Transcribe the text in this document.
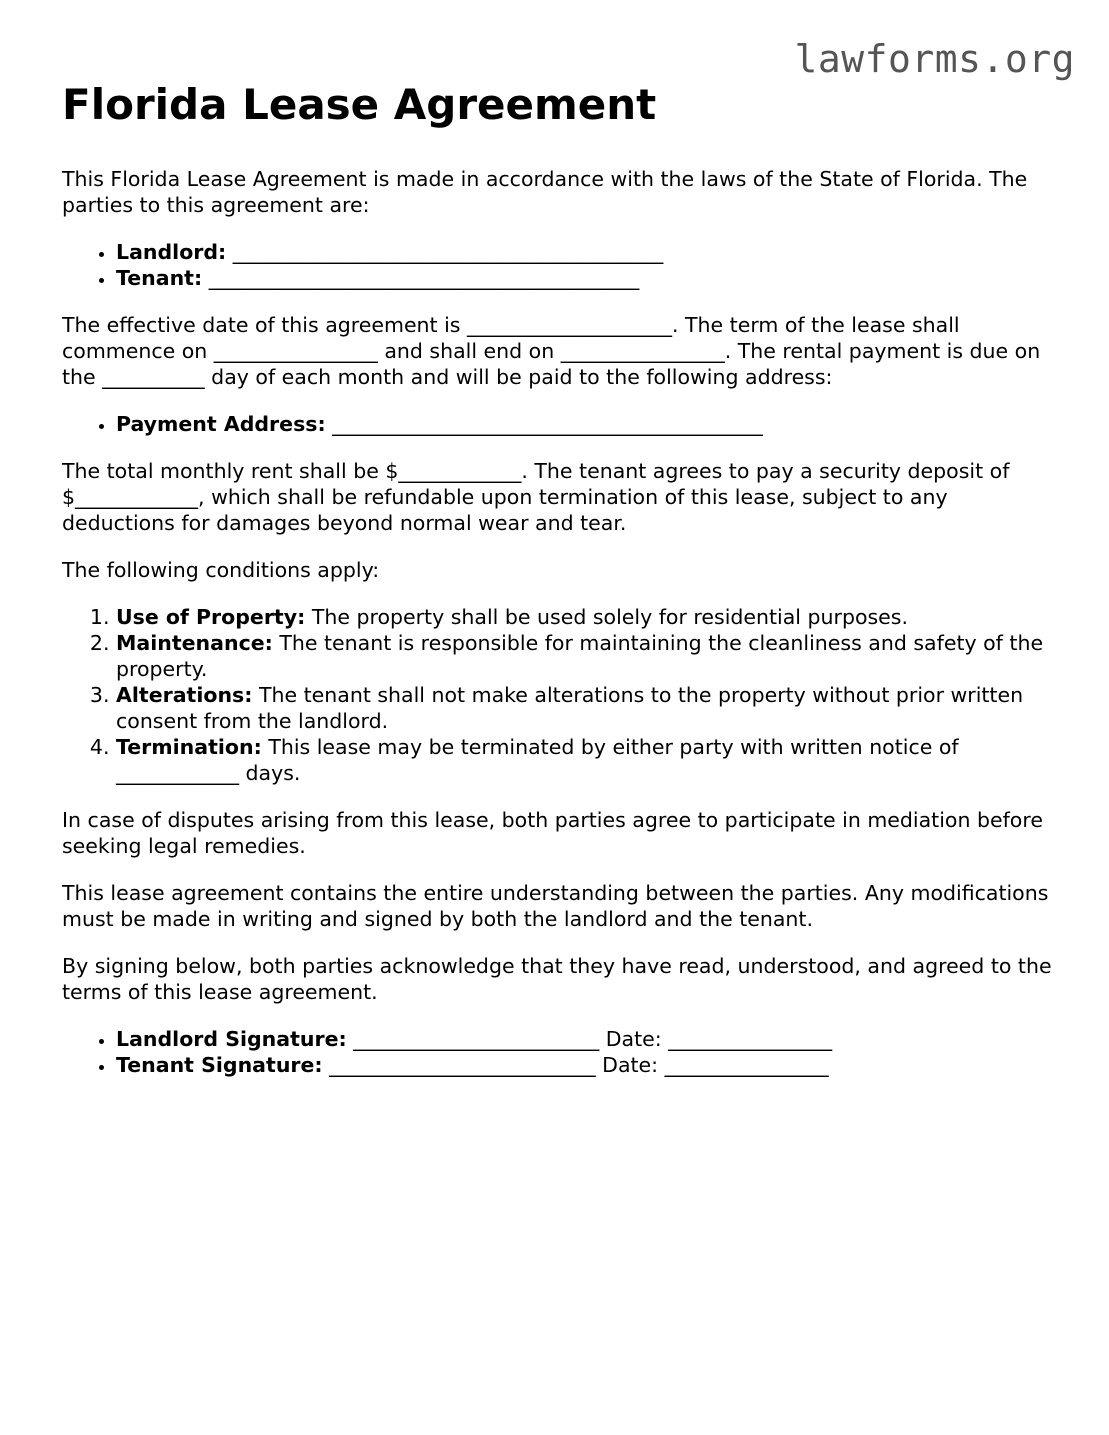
lawforms.org
Florida Lease Agreement

This Florida Lease Agreement is made in accordance with the laws of the State of Florida. The parties to this agreement are:

• Landlord: __________________________________________
• Tenant: __________________________________________

The effective date of this agreement is ____________________. The term of the lease shall commence on ________________ and shall end on ________________. The rental payment is due on the __________ day of each month and will be paid to the following address:

• Payment Address: __________________________________________

The total monthly rent shall be $____________. The tenant agrees to pay a security deposit of $____________, which shall be refundable upon termination of this lease, subject to any deductions for damages beyond normal wear and tear.

The following conditions apply:

1. Use of Property: The property shall be used solely for residential purposes.
2. Maintenance: The tenant is responsible for maintaining the cleanliness and safety of the property.
3. Alterations: The tenant shall not make alterations to the property without prior written consent from the landlord.
4. Termination: This lease may be terminated by either party with written notice of ____________ days.

In case of disputes arising from this lease, both parties agree to participate in mediation before seeking legal remedies.

This lease agreement contains the entire understanding between the parties. Any modifications must be made in writing and signed by both the landlord and the tenant.

By signing below, both parties acknowledge that they have read, understood, and agreed to the terms of this lease agreement.

• Landlord Signature: ________________________ Date: ________________
• Tenant Signature: __________________________ Date: ________________
